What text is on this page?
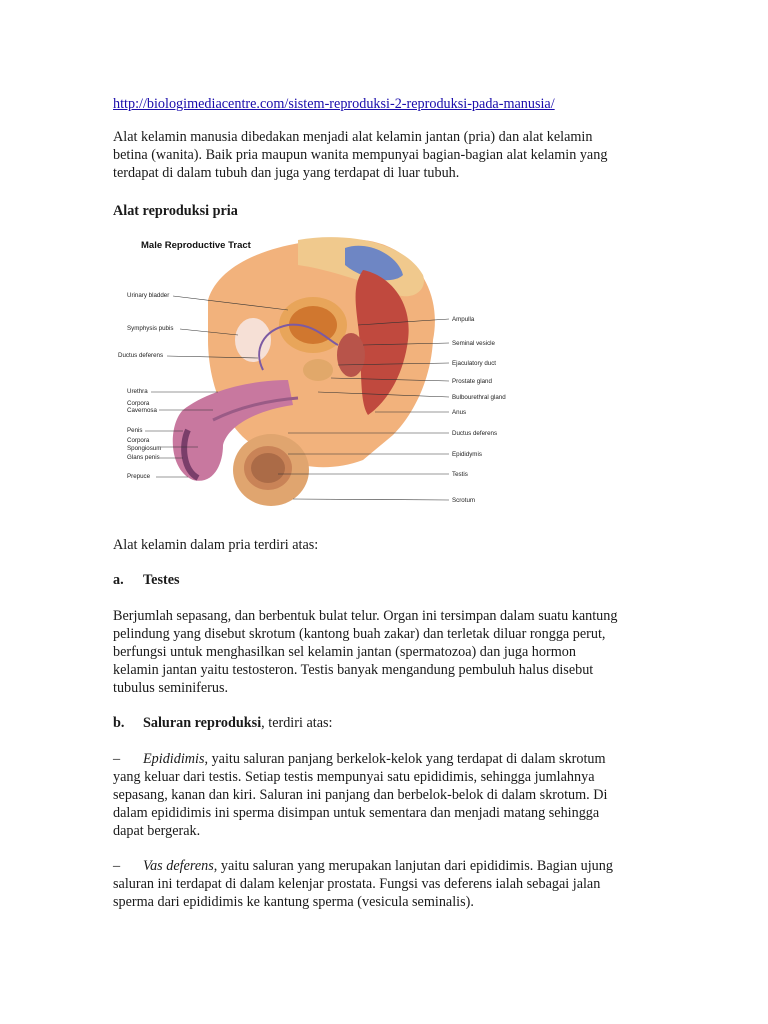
http://biologimediacentre.com/sistem-reproduksi-2-reproduksi-pada-manusia/
Alat kelamin manusia dibedakan menjadi alat kelamin jantan (pria) dan alat kelamin
betina (wanita). Baik pria maupun wanita mempunyai bagian-bagian alat kelamin yang
terdapat di dalam tubuh dan juga yang terdapat di luar tubuh.
Alat reproduksi pria
Male Reproductive Tract
Urinary bladder
Symphysis pubis
Ductus deferens
Urethra
Corpora
Cavernosa
Penis
Corpora
Spongiosum
Glans penis
Prepuce
Ampulla
Seminal vesicle
Ejaculatory duct
Prostate gland
Bulbourethral gland
Anus
Ductus deferens
Epididymis
Testis
Scrotum
Alat kelamin dalam pria terdiri atas:
a. Testes
Berjumlah sepasang, dan berbentuk bulat telur. Organ ini tersimpan dalam suatu kantung
pelindung yang disebut skrotum (kantong buah zakar) dan terletak diluar rongga perut,
berfungsi untuk menghasilkan sel kelamin jantan (spermatozoa) dan juga hormon
kelamin jantan yaitu testosteron. Testis banyak mengandung pembuluh halus disebut
tubulus seminiferus.
b. Saluran reproduksi, terdiri atas:
– Epididimis, yaitu saluran panjang berkelok-kelok yang terdapat di dalam skrotum
yang keluar dari testis. Setiap testis mempunyai satu epididimis, sehingga jumlahnya
sepasang, kanan dan kiri. Saluran ini panjang dan berbelok-belok di dalam skrotum. Di
dalam epididimis ini sperma disimpan untuk sementara dan menjadi matang sehingga
dapat bergerak.
– Vas deferens, yaitu saluran yang merupakan lanjutan dari epididimis. Bagian ujung
saluran ini terdapat di dalam kelenjar prostata. Fungsi vas deferens ialah sebagai jalan
sperma dari epididimis ke kantung sperma (vesicula seminalis).
